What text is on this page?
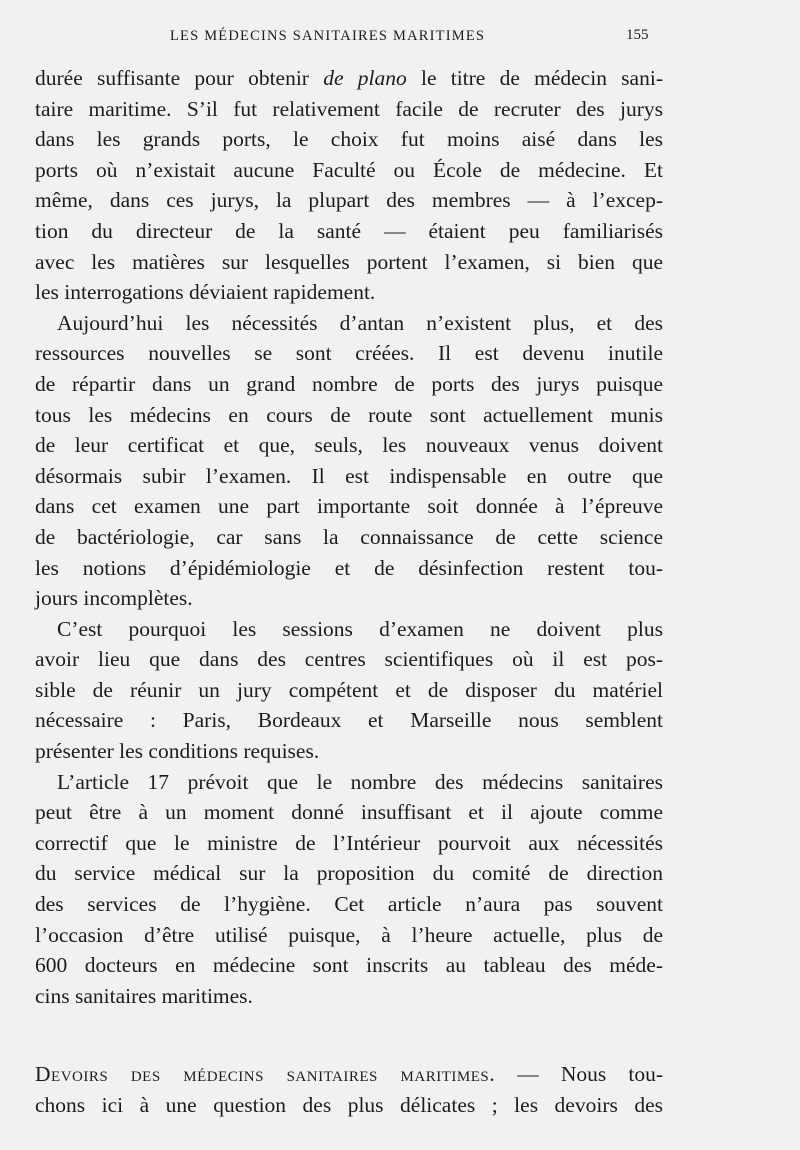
LES MÉDECINS SANITAIRES MARITIMES	155
durée suffisante pour obtenir de plano le titre de médecin sani-
taire maritime. S’il fut relativement facile de recruter des jurys
dans les grands ports, le choix fut moins aisé dans les
ports où n’existait aucune Faculté ou École de médecine. Et
même, dans ces jurys, la plupart des membres — à l’excep-
tion du directeur de la santé — étaient peu familiarisés
avec les matières sur lesquelles portent l’examen, si bien que
les interrogations déviaient rapidement.
Aujourd’hui les nécessités d’antan n’existent plus, et des
ressources nouvelles se sont créées. Il est devenu inutile
de répartir dans un grand nombre de ports des jurys puisque
tous les médecins en cours de route sont actuellement munis
de leur certificat et que, seuls, les nouveaux venus doivent
désormais subir l’examen. Il est indispensable en outre que
dans cet examen une part importante soit donnée à l’épreuve
de bactériologie, car sans la connaissance de cette science
les notions d’épidémiologie et de désinfection restent tou-
jours incomplètes.
C’est pourquoi les sessions d’examen ne doivent plus
avoir lieu que dans des centres scientifiques où il est pos-
sible de réunir un jury compétent et de disposer du matériel
nécessaire : Paris, Bordeaux et Marseille nous semblent
présenter les conditions requises.
L’article 17 prévoit que le nombre des médecins sanitaires
peut être à un moment donné insuffisant et il ajoute comme
correctif que le ministre de l’Intérieur pourvoit aux nécessités
du service médical sur la proposition du comité de direction
des services de l’hygiène. Cet article n’aura pas souvent
l’occasion d’être utilisé puisque, à l’heure actuelle, plus de
600 docteurs en médecine sont inscrits au tableau des méde-
cins sanitaires maritimes.
Devoirs des médecins sanitaires maritimes. — Nous tou-
chons ici à une question des plus délicates ; les devoirs des
